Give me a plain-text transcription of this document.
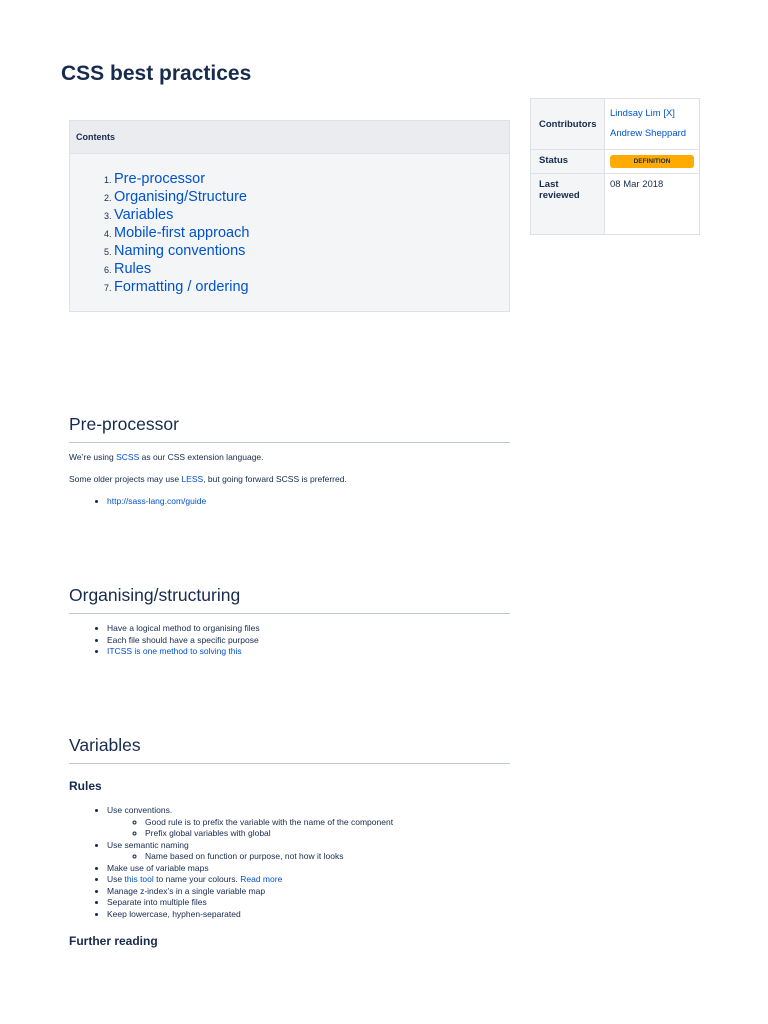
CSS best practices
Contents
1. Pre-processor
2. Organising/Structure
3. Variables
4. Mobile-first approach
5. Naming conventions
6. Rules
7. Formatting / ordering
Contributors	Lindsay Lim [X]
Andrew Sheppard

Status	DEFINITION

Last reviewed	08 Mar 2018
Pre-processor

We’re using SCSS as our CSS extension language.

Some older projects may use LESS, but going forward SCSS is preferred.

• http://sass-lang.com/guide
Organising/structuring
• Have a logical method to organising files
• Each file should have a specific purpose
• ITCSS is one method to solving this
Variables
Rules
• Use conventions.
◦ Good rule is to prefix the variable with the name of the component
◦ Prefix global variables with global
• Use semantic naming
◦ Name based on function or purpose, not how it looks
• Make use of variable maps
• Use this tool to name your colours. Read more
• Manage z-index’s in a single variable map
• Separate into multiple files
• Keep lowercase, hyphen-separated
Further reading
